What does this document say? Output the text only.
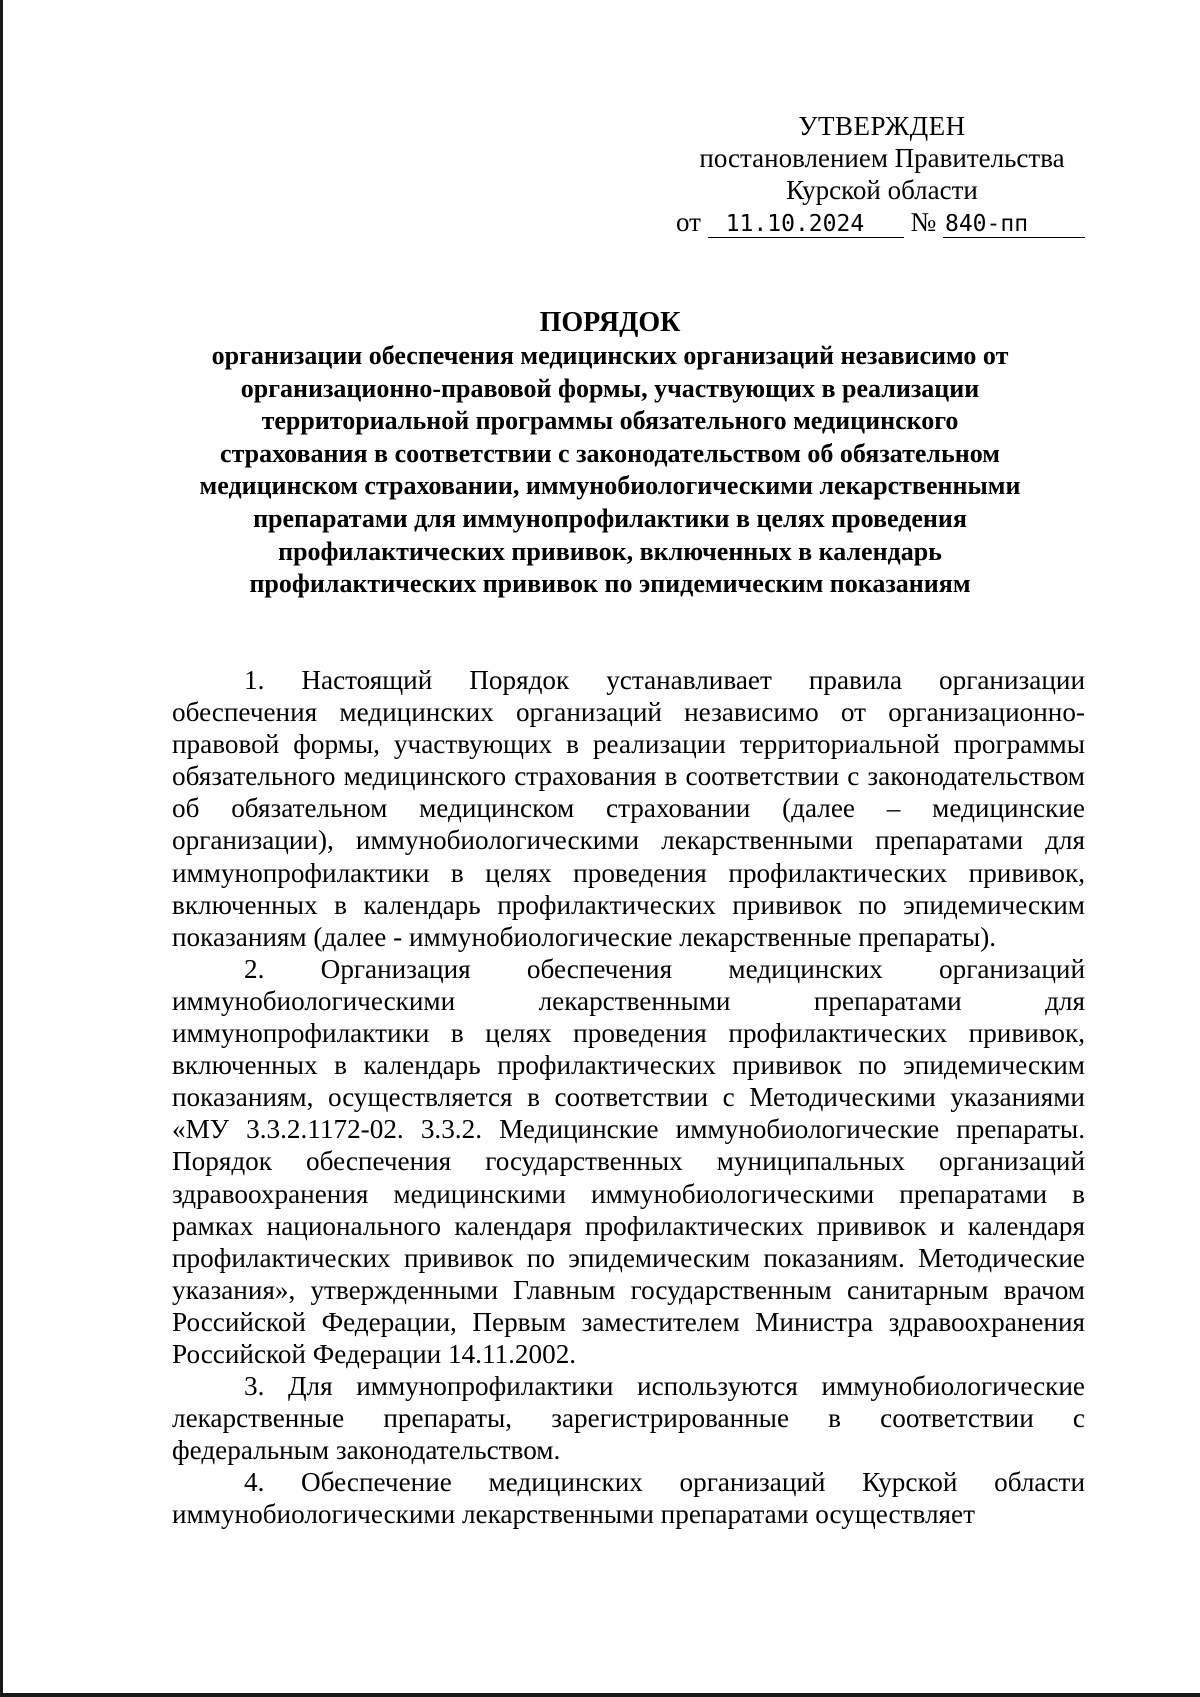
УТВЕРЖДЕН
постановлением Правительства
Курской области
от 11.10.2024 № 840-пп
ПОРЯДОК
организации обеспечения медицинских организаций независимо от
организационно-правовой формы, участвующих в реализации
территориальной программы обязательного медицинского
страхования в соответствии с законодательством об обязательном
медицинском страховании, иммунобиологическими лекарственными
препаратами для иммунопрофилактики в целях проведения
профилактических прививок, включенных в календарь
профилактических прививок по эпидемическим показаниям

1. Настоящий Порядок устанавливает правила организации обеспечения медицинских организаций независимо от организационно-правовой формы, участвующих в реализации территориальной программы обязательного медицинского страхования в соответствии с законодательством об обязательном медицинском страховании (далее – медицинские организации), иммунобиологическими лекарственными препаратами для иммунопрофилактики в целях проведения профилактических прививок, включенных в календарь профилактических прививок по эпидемическим показаниям (далее - иммунобиологические лекарственные препараты).

2. Организация обеспечения медицинских организаций иммунобиологическими лекарственными препаратами для иммунопрофилактики в целях проведения профилактических прививок, включенных в календарь профилактических прививок по эпидемическим показаниям, осуществляется в соответствии с Методическими указаниями «МУ 3.3.2.1172-02. 3.3.2. Медицинские иммунобиологические препараты. Порядок обеспечения государственных муниципальных организаций здравоохранения медицинскими иммунобиологическими препаратами в рамках национального календаря профилактических прививок и календаря профилактических прививок по эпидемическим показаниям. Методические указания», утвержденными Главным государственным санитарным врачом Российской Федерации, Первым заместителем Министра здравоохранения Российской Федерации 14.11.2002.

3. Для иммунопрофилактики используются иммунобиологические лекарственные препараты, зарегистрированные в соответствии с федеральным законодательством.

4. Обеспечение медицинских организаций Курской области иммунобиологическими лекарственными препаратами осуществляет
